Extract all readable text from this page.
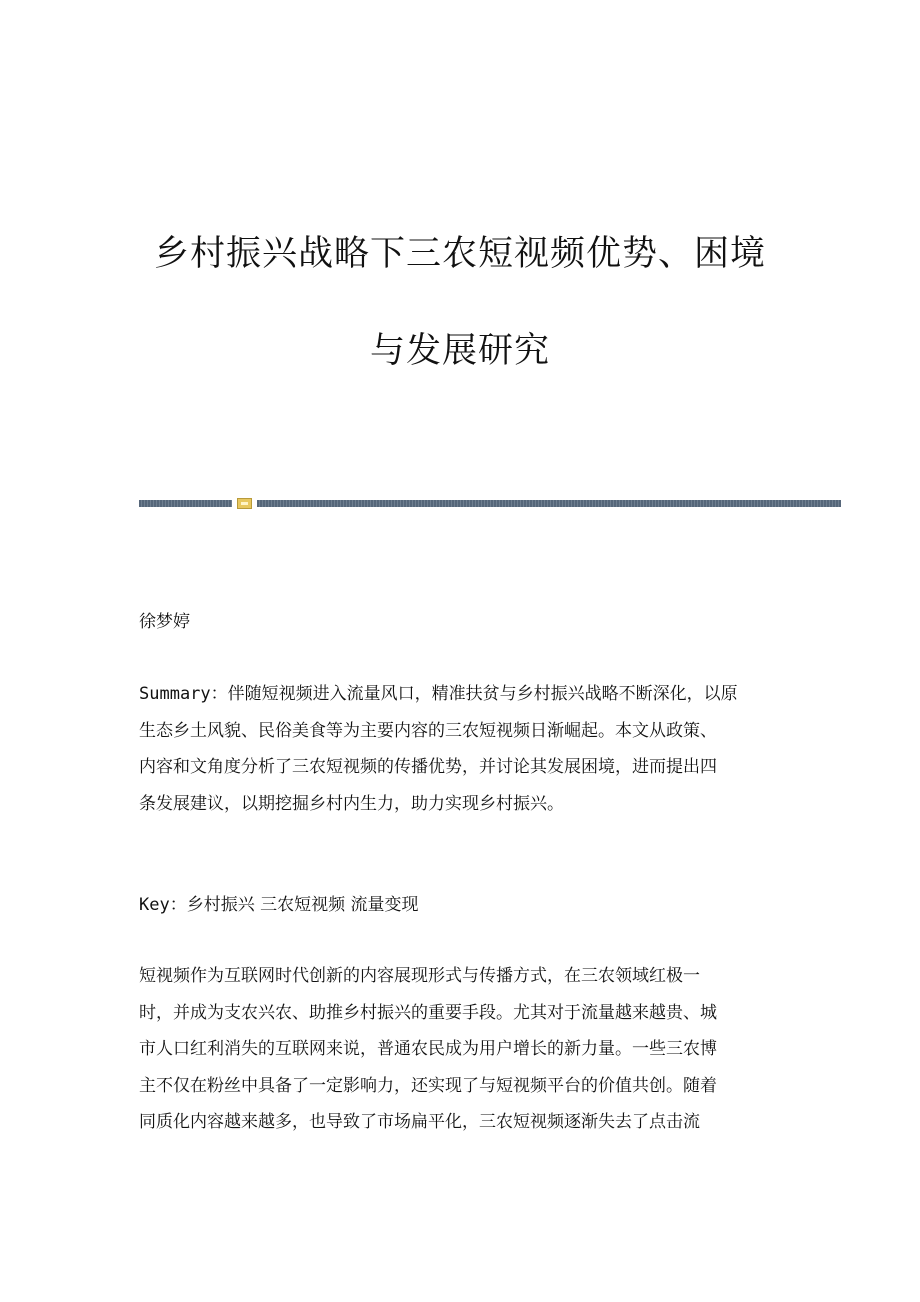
乡村振兴战略下三农短视频优势、困境
与发展研究

徐梦婷

Summary：伴随短视频进入流量风口，精准扶贫与乡村振兴战略不断深化，以原
生态乡土风貌、民俗美食等为主要内容的三农短视频日渐崛起。本文从政策、
内容和文角度分析了三农短视频的传播优势，并讨论其发展困境，进而提出四
条发展建议，以期挖掘乡村内生力，助力实现乡村振兴。

Key：乡村振兴 三农短视频 流量变现

短视频作为互联网时代创新的内容展现形式与传播方式，在三农领域红极一
时，并成为支农兴农、助推乡村振兴的重要手段。尤其对于流量越来越贵、城
市人口红利消失的互联网来说，普通农民成为用户增长的新力量。一些三农博
主不仅在粉丝中具备了一定影响力，还实现了与短视频平台的价值共创。随着
同质化内容越来越多，也导致了市场扁平化，三农短视频逐渐失去了点击流
